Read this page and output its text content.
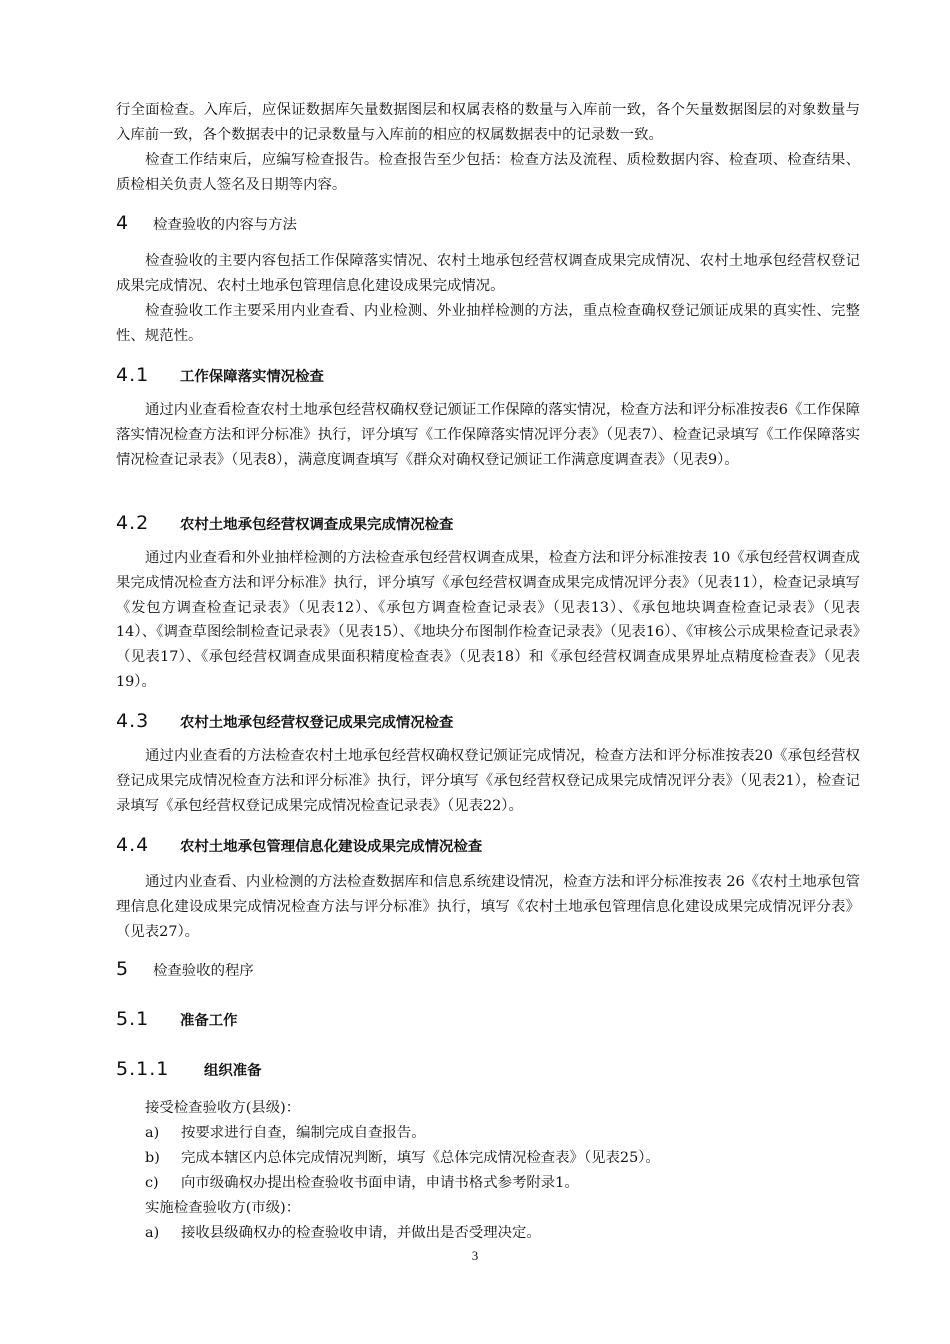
行全面检查。入库后，应保证数据库矢量数据图层和权属表格的数量与入库前一致，各个矢量数据图层的对象数量与入库前一致，各个数据表中的记录数量与入库前的相应的权属数据表中的记录数一致。

检查工作结束后，应编写检查报告。检查报告至少包括：检查方法及流程、质检数据内容、检查项、检查结果、质检相关负责人签名及日期等内容。

4 检查验收的内容与方法

检查验收的主要内容包括工作保障落实情况、农村土地承包经营权调查成果完成情况、农村土地承包经营权登记成果完成情况、农村土地承包管理信息化建设成果完成情况。

检查验收工作主要采用内业查看、内业检测、外业抽样检测的方法，重点检查确权登记颁证成果的真实性、完整性、规范性。

4.1 工作保障落实情况检查

通过内业查看检查农村土地承包经营权确权登记颁证工作保障的落实情况，检查方法和评分标准按表6《工作保障落实情况检查方法和评分标准》执行，评分填写《工作保障落实情况评分表》（见表7）、检查记录填写《工作保障落实情况检查记录表》（见表8），满意度调查填写《群众对确权登记颁证工作满意度调查表》（见表9）。

4.2 农村土地承包经营权调查成果完成情况检查

通过内业查看和外业抽样检测的方法检查承包经营权调查成果，检查方法和评分标准按表 10《承包经营权调查成果完成情况检查方法和评分标准》执行，评分填写《承包经营权调查成果完成情况评分表》（见表11），检查记录填写《发包方调查检查记录表》（见表12）、《承包方调查检查记录表》（见表13）、《承包地块调查检查记录表》（见表14）、《调查草图绘制检查记录表》（见表15）、《地块分布图制作检查记录表》（见表16）、《审核公示成果检查记录表》（见表17）、《承包经营权调查成果面积精度检查表》（见表18）和《承包经营权调查成果界址点精度检查表》（见表19）。

4.3 农村土地承包经营权登记成果完成情况检查

通过内业查看的方法检查农村土地承包经营权确权登记颁证完成情况，检查方法和评分标准按表20《承包经营权登记成果完成情况检查方法和评分标准》执行，评分填写《承包经营权登记成果完成情况评分表》（见表21），检查记录填写《承包经营权登记成果完成情况检查记录表》（见表22）。

4.4 农村土地承包管理信息化建设成果完成情况检查

通过内业查看、内业检测的方法检查数据库和信息系统建设情况，检查方法和评分标准按表 26《农村土地承包管理信息化建设成果完成情况检查方法与评分标准》执行，填写《农村土地承包管理信息化建设成果完成情况评分表》（见表27）。

5 检查验收的程序
5.1 准备工作
5.1.1 组织准备

接受检查验收方(县级)：

a) 按要求进行自查，编制完成自查报告。
b) 完成本辖区内总体完成情况判断，填写《总体完成情况检查表》（见表25）。
c) 向市级确权办提出检查验收书面申请，申请书格式参考附录1。

实施检查验收方(市级)：

a) 接收县级确权办的检查验收申请，并做出是否受理决定。
3
